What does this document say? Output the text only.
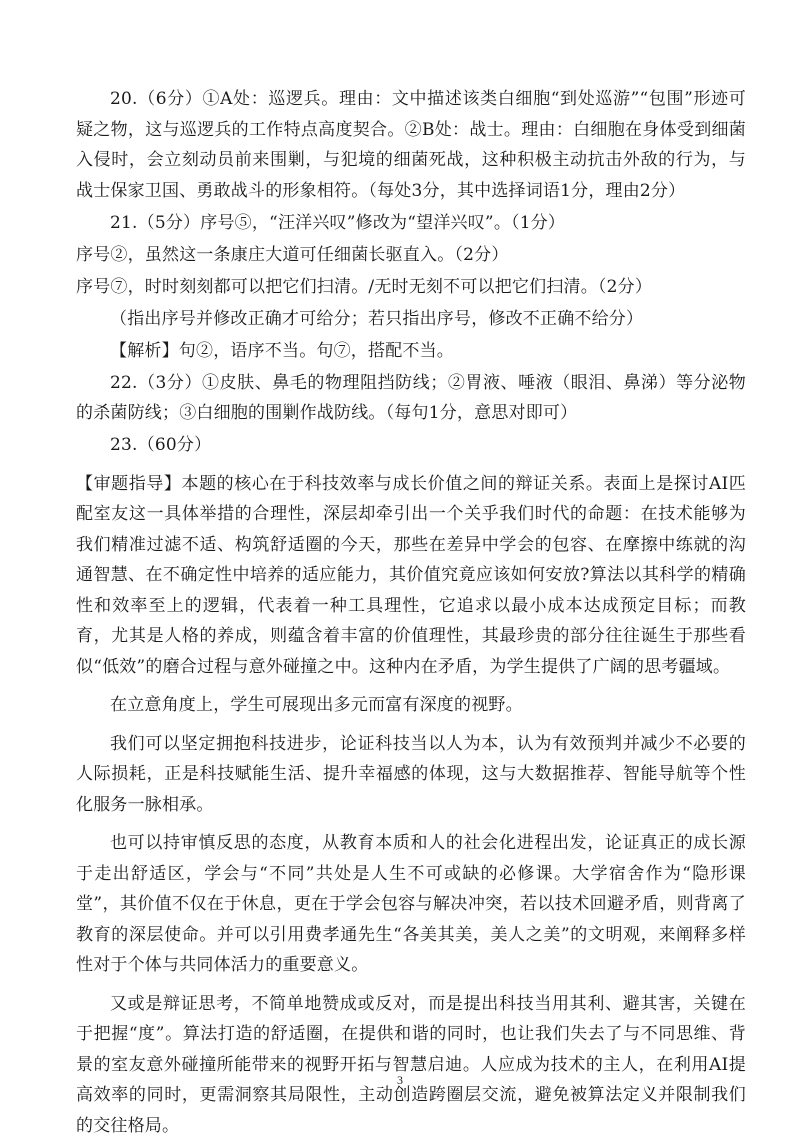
20.（6分）①A处：巡逻兵。理由：文中描述该类白细胞“到处巡游”“包围”形迹可疑之物，这与巡逻兵的工作特点高度契合。②B处：战士。理由：白细胞在身体受到细菌入侵时，会立刻动员前来围剿，与犯境的细菌死战，这种积极主动抗击外敌的行为，与战士保家卫国、勇敢战斗的形象相符。（每处3分，其中选择词语1分，理由2分）

21.（5分）序号⑤，“汪洋兴叹”修改为“望洋兴叹”。（1分）

序号②，虽然这一条康庄大道可任细菌长驱直入。（2分）

序号⑦，时时刻刻都可以把它们扫清。/无时无刻不可以把它们扫清。（2分）

（指出序号并修改正确才可给分；若只指出序号，修改不正确不给分）

【解析】句②，语序不当。句⑦，搭配不当。

22.（3分）①皮肤、鼻毛的物理阻挡防线；②胃液、唾液（眼泪、鼻涕）等分泌物的杀菌防线；③白细胞的围剿作战防线。（每句1分，意思对即可）

23.（60分）

【审题指导】本题的核心在于科技效率与成长价值之间的辩证关系。表面上是探讨AI匹配室友这一具体举措的合理性，深层却牵引出一个关乎我们时代的命题：在技术能够为我们精准过滤不适、构筑舒适圈的今天，那些在差异中学会的包容、在摩擦中练就的沟通智慧、在不确定性中培养的适应能力，其价值究竟应该如何安放?算法以其科学的精确性和效率至上的逻辑，代表着一种工具理性，它追求以最小成本达成预定目标；而教育，尤其是人格的养成，则蕴含着丰富的价值理性，其最珍贵的部分往往诞生于那些看似“低效”的磨合过程与意外碰撞之中。这种内在矛盾，为学生提供了广阔的思考疆域。

在立意角度上，学生可展现出多元而富有深度的视野。

我们可以坚定拥抱科技进步，论证科技当以人为本，认为有效预判并减少不必要的人际损耗，正是科技赋能生活、提升幸福感的体现，这与大数据推荐、智能导航等个性化服务一脉相承。

也可以持审慎反思的态度，从教育本质和人的社会化进程出发，论证真正的成长源于走出舒适区，学会与“不同”共处是人生不可或缺的必修课。大学宿舍作为“隐形课堂”，其价值不仅在于休息，更在于学会包容与解决冲突，若以技术回避矛盾，则背离了教育的深层使命。并可以引用费孝通先生“各美其美，美人之美”的文明观，来阐释多样性对于个体与共同体活力的重要意义。

又或是辩证思考，不简单地赞成或反对，而是提出科技当用其利、避其害，关键在于把握“度”。算法打造的舒适圈，在提供和谐的同时，也让我们失去了与不同思维、背景的室友意外碰撞所能带来的视野开拓与智慧启迪。人应成为技术的主人，在利用AI提高效率的同时，更需洞察其局限性，主动创造跨圈层交流，避免被算法定义并限制我们的交往格局。

3
